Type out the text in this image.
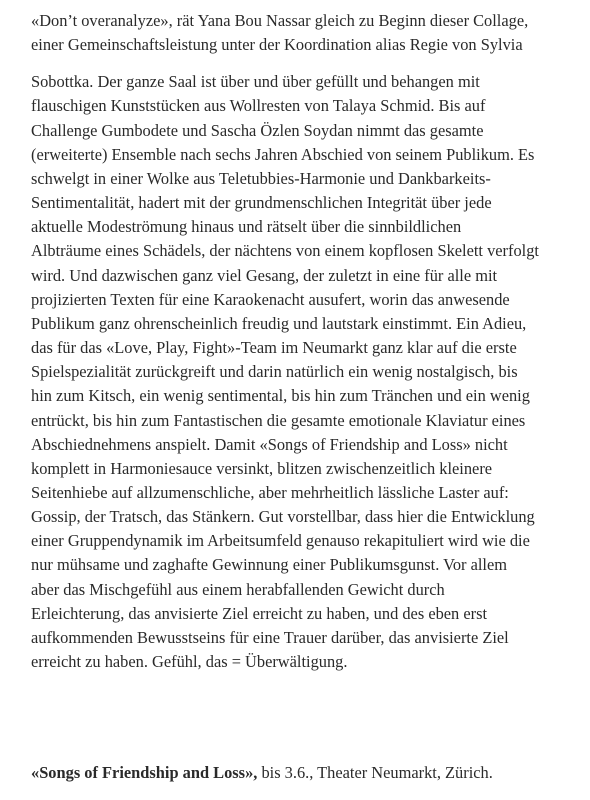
«Don’t overanalyze», rät Yana Bou Nassar gleich zu Beginn dieser Collage,
einer Gemeinschaftsleistung unter der Koordination alias Regie von Sylvia

Sobottka. Der ganze Saal ist über und über gefüllt und behangen mit
flauschigen Kunststücken aus Wollresten von Talaya Schmid. Bis auf
Challenge Gumbodete und Sascha Özlen Soydan nimmt das gesamte
(erweiterte) Ensemble nach sechs Jahren Abschied von seinem Publikum. Es
schwelgt in einer Wolke aus Teletubbies-Harmonie und Dankbarkeits-
Sentimentalität, hadert mit der grundmenschlichen Integrität über jede
aktuelle Modeströmung hinaus und rätselt über die sinnbildlichen
Albträume eines Schädels, der nächtens von einem kopflosen Skelett verfolgt
wird. Und dazwischen ganz viel Gesang, der zuletzt in eine für alle mit
projizierten Texten für eine Karaokenacht ausufert, worin das anwesende
Publikum ganz ohrenscheinlich freudig und lautstark einstimmt. Ein Adieu,
das für das «Love, Play, Fight»-Team im Neumarkt ganz klar auf die erste
Spielspezialität zurückgreift und darin natürlich ein wenig nostalgisch, bis
hin zum Kitsch, ein wenig sentimental, bis hin zum Tränchen und ein wenig
entrückt, bis hin zum Fantastischen die gesamte emotionale Klaviatur eines
Abschiednehmens anspielt. Damit «Songs of Friendship and Loss» nicht
komplett in Harmoniesauce versinkt, blitzen zwischenzeitlich kleinere
Seitenhiebe auf allzumenschliche, aber mehrheitlich lässliche Laster auf:
Gossip, der Tratsch, das Stänkern. Gut vorstellbar, dass hier die Entwicklung
einer Gruppendynamik im Arbeitsumfeld genauso rekapituliert wird wie die
nur mühsame und zaghafte Gewinnung einer Publikumsgunst. Vor allem
aber das Mischgefühl aus einem herabfallenden Gewicht durch
Erleichterung, das anvisierte Ziel erreicht zu haben, und des eben erst
aufkommenden Bewusstseins für eine Trauer darüber, das anvisierte Ziel
erreicht zu haben. Gefühl, das = Überwältigung.

«Songs of Friendship and Loss», bis 3.6., Theater Neumarkt, Zürich.
